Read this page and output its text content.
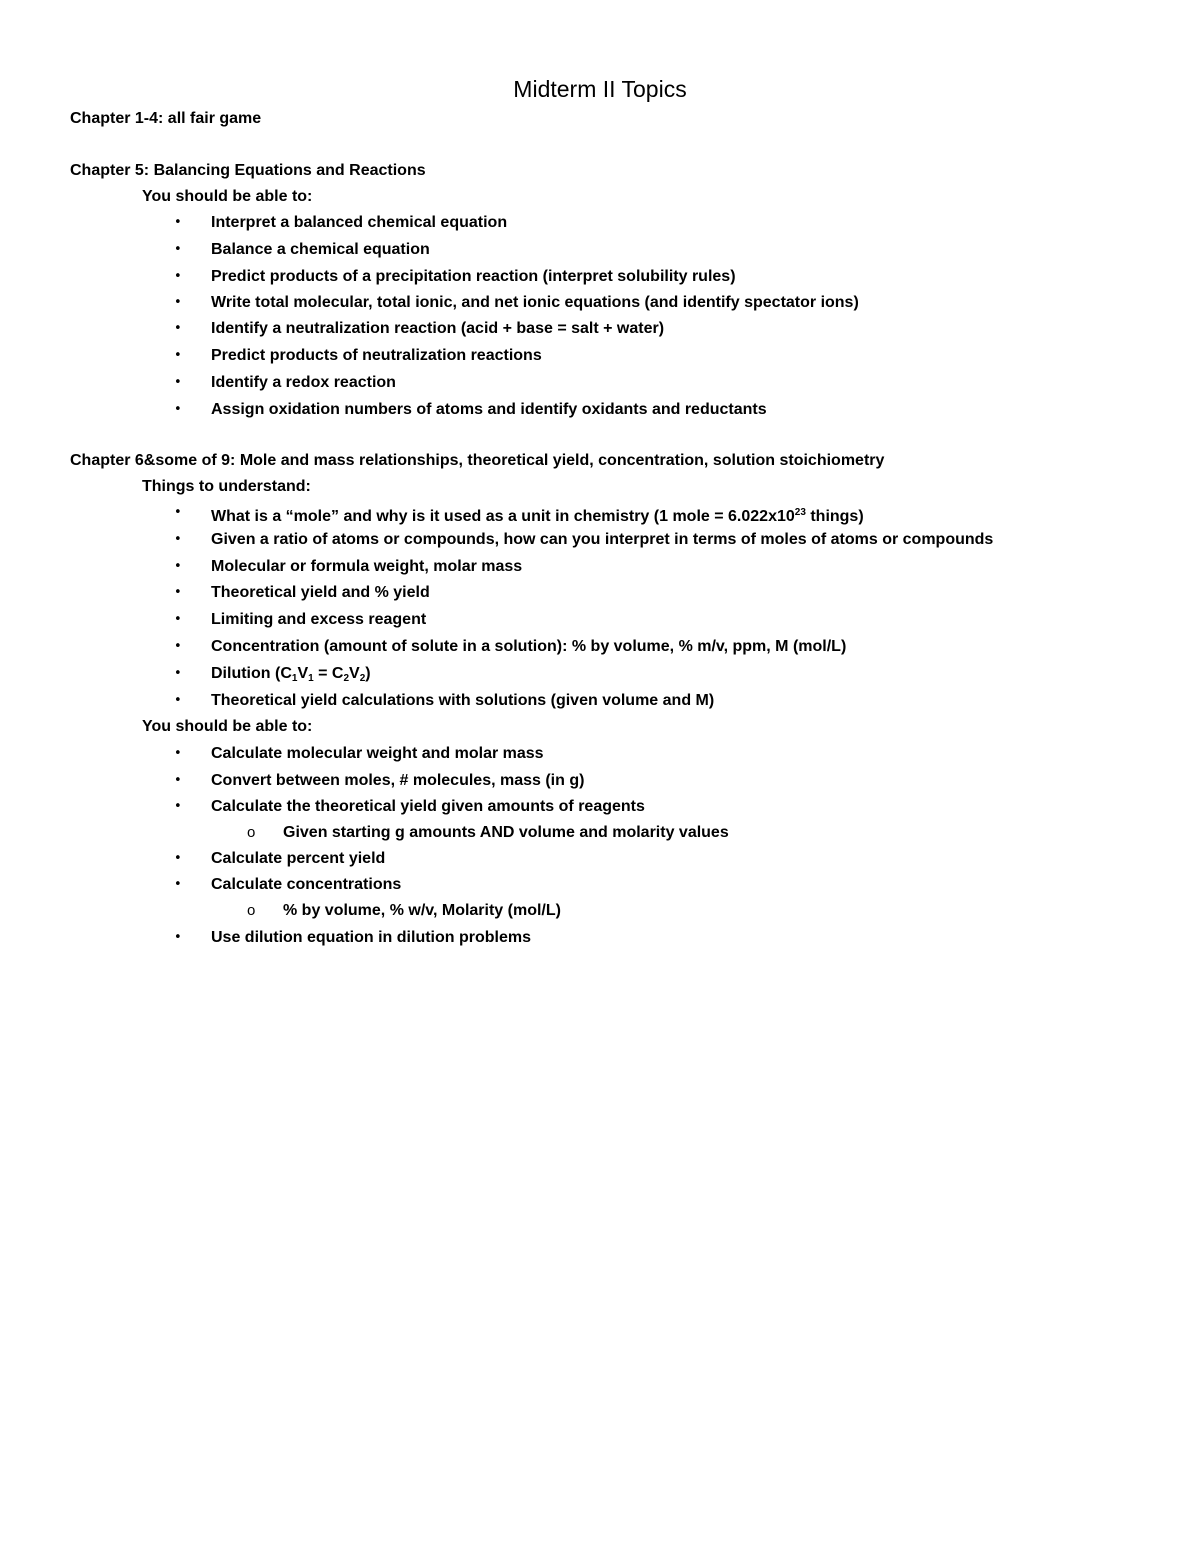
Midterm II Topics
Chapter 1-4: all fair game
Chapter 5: Balancing Equations and Reactions
You should be able to:
• Interpret a balanced chemical equation
• Balance a chemical equation
• Predict products of a precipitation reaction (interpret solubility rules)
• Write total molecular, total ionic, and net ionic equations (and identify spectator ions)
• Identify a neutralization reaction (acid + base = salt + water)
• Predict products of neutralization reactions
• Identify a redox reaction
• Assign oxidation numbers of atoms and identify oxidants and reductants
Chapter 6&some of 9: Mole and mass relationships, theoretical yield, concentration, solution stoichiometry
Things to understand:
• What is a “mole” and why is it used as a unit in chemistry (1 mole = $6.022x10^{23}$ things)
• Given a ratio of atoms or compounds, how can you interpret in terms of moles of atoms or compounds
• Molecular or formula weight, molar mass
• Theoretical yield and % yield
• Limiting and excess reagent
• Concentration (amount of solute in a solution): % by volume, % m/v, ppm, M (mol/L)
• Dilution $(C_1V_1 = C_2V_2)$
• Theoretical yield calculations with solutions (given volume and M)
You should be able to:
• Calculate molecular weight and molar mass
• Convert between moles, # molecules, mass (in g)
• Calculate the theoretical yield given amounts of reagents
o Given starting g amounts AND volume and molarity values
• Calculate percent yield
• Calculate concentrations
o % by volume, % w/v, Molarity (mol/L)
• Use dilution equation in dilution problems
